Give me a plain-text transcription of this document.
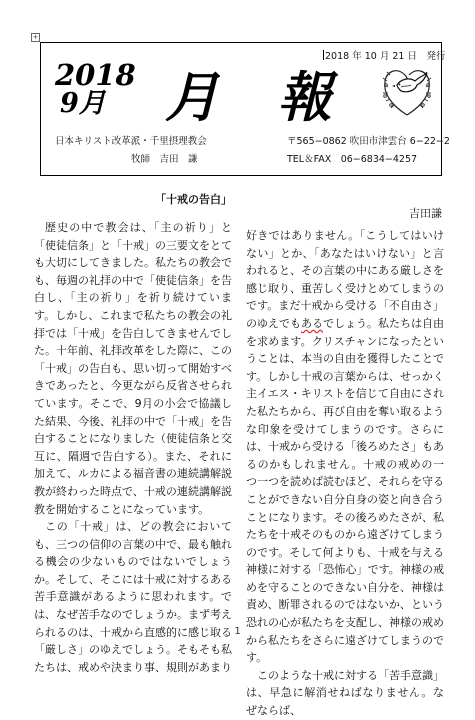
+
2018 年 10 月 21 日　発行
2018
9月 月 報
日本キリスト改革派・千里摂理教会
牧師　吉田　謙
〒565−0862 吹田市津雲台 6−22−2
TEL＆FAX　06−6834−4257
「十戒の告白」
吉田謙

歴史の中で教会は、「主の祈り」と「使徒信条」と「十戒」の三要文をとても大切にしてきました。私たちの教会でも、毎週の礼拝の中で「使徒信条」を告白し、「主の祈り」を祈り続けています。しかし、これまで私たちの教会の礼拝では「十戒」を告白してきませんでした。十年前、礼拝改革をした際に、この「十戒」の告白も、思い切って開始すべきであったと、今更ながら反省させられています。そこで、9月の小会で協議した結果、今後、礼拝の中で「十戒」を告白することになりました（使徒信条と交互に、隔週で告白する）。また、それに加えて、ルカによる福音書の連続講解説教が終わった時点で、十戒の連続講解説教を開始することになっています。

この「十戒」は、どの教会においても、三つの信仰の言葉の中で、最も触れる機会の少ないものではないでしょうか。そして、そこには十戒に対するある苦手意識があるように思われます。では、なぜ苦手なのでしょうか。まず考えられるのは、十戒から直感的に感じ取る「厳しさ」のゆえでしょう。そもそも私たちは、戒めや決まり事、規則があまり

好きではありません。「こうしてはいけない」とか、「あなたはいけない」と言われると、その言葉の中にある厳しさを感じ取り、重苦しく受けとめてしまうのです。まだ十戒から受ける「不自由さ」のゆえでもあるでしょう。私たちは自由を求めます。クリスチャンになったということは、本当の自由を獲得したことです。しかし十戒の言葉からは、せっかく主イエス・キリストを信じて自由にされた私たちから、再び自由を奪い取るような印象を受けてしまうのです。さらには、十戒から受ける「後ろめたさ」もあるのかもしれません。十戒の戒めの一つ一つを読めば読むほど、それらを守ることができない自分自身の姿と向き合うことになります。その後ろめたさが、私たちを十戒そのものから遠ざけてしまうのです。そして何よりも、十戒を与える神様に対する「恐怖心」です。神様の戒めを守ることのできない自分を、神様は責め、断罪されるのではないか、という恐れの心が私たちを支配し、神様の戒めから私たちをさらに遠ざけてしまうのです。

このような十戒に対する「苦手意識」は、早急に解消せねばなりません。なぜならば、

1
